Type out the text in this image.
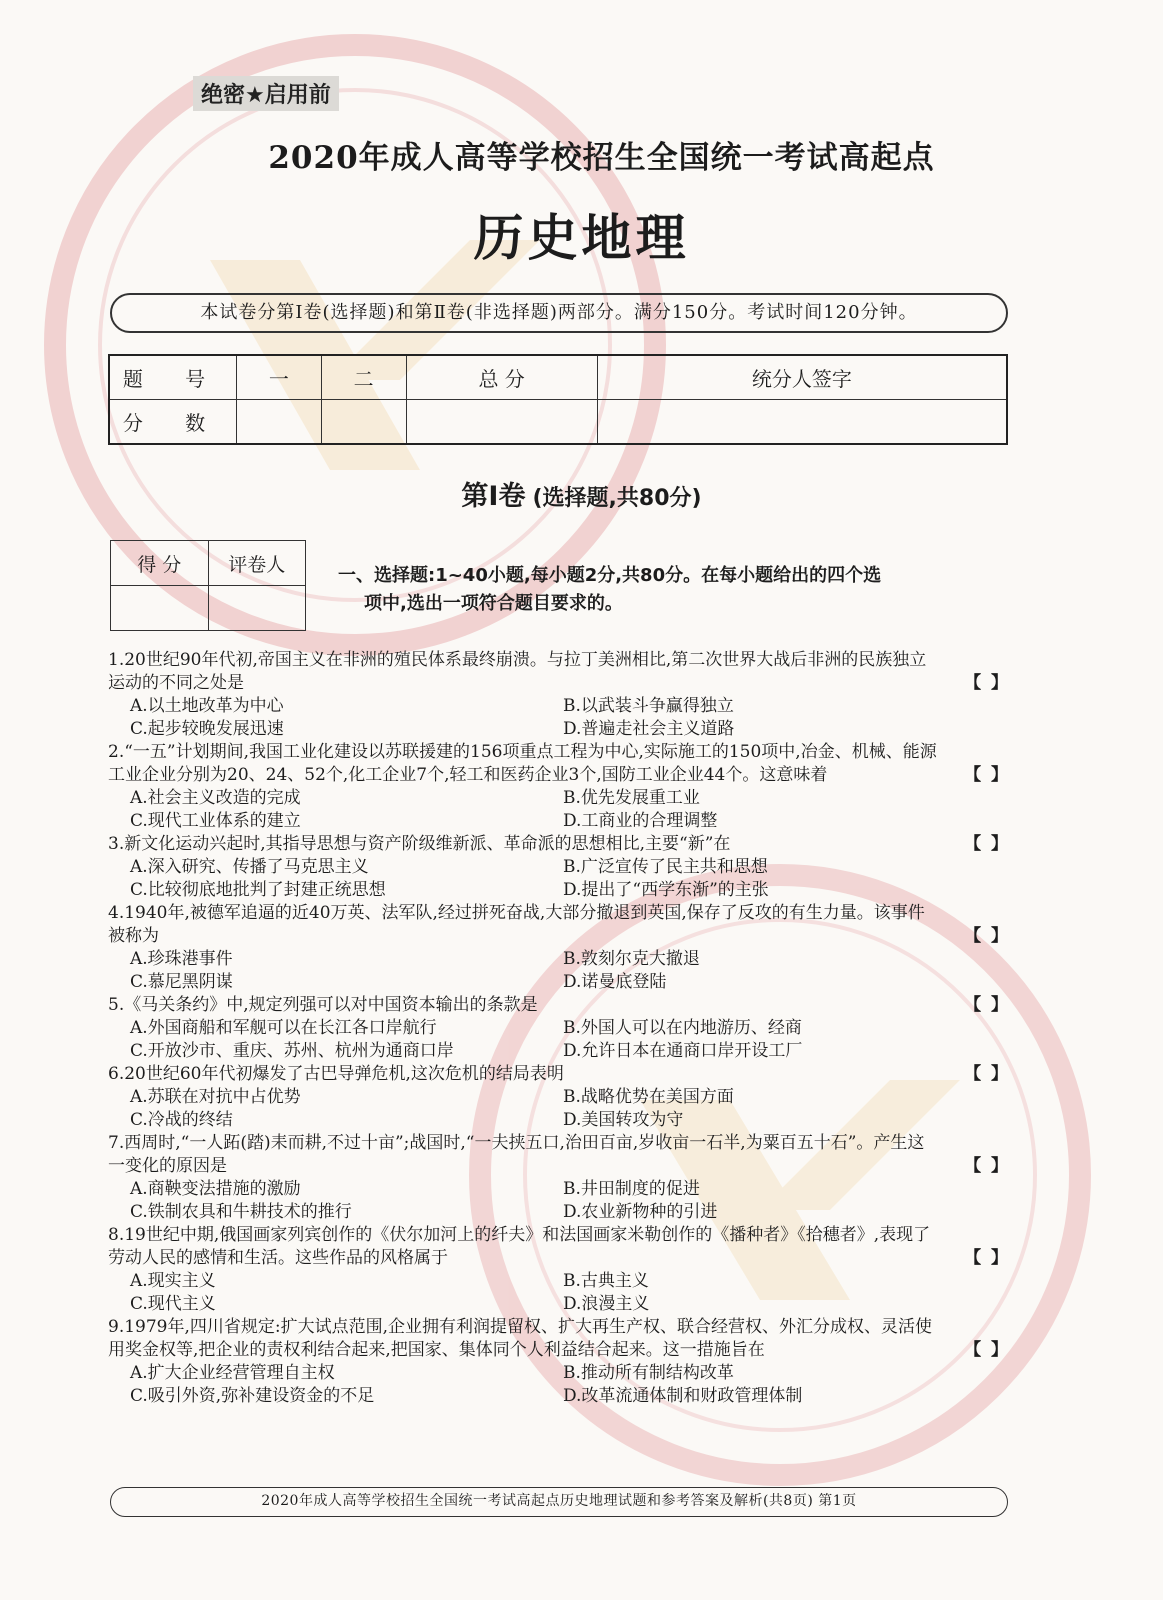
绝密★启用前
2020年成人高等学校招生全国统一考试高起点
历史地理
本试卷分第Ⅰ卷(选择题)和第Ⅱ卷(非选择题)两部分。满分150分。考试时间120分钟。
题 号	一	二	总 分	统分人签字
分 数				
第Ⅰ卷 (选择题,共80分)
得 分	评卷人
		一、选择题:1~40小题,每小题2分,共80分。在每小题给出的四个选
项中,选出一项符合题目要求的。
1.20世纪90年代初,帝国主义在非洲的殖民体系最终崩溃。与拉丁美洲相比,第二次世界大战后非洲的民族独立运动的不同之处是	【 】
A.以土地改革为中心	B.以武装斗争赢得独立
C.起步较晚发展迅速	D.普遍走社会主义道路
2.“一五”计划期间,我国工业化建设以苏联援建的156项重点工程为中心,实际施工的150项中,冶金、机械、能源工业企业分别为20、24、52个,化工企业7个,轻工和医药企业3个,国防工业企业44个。这意味着	【 】
A.社会主义改造的完成	B.优先发展重工业
C.现代工业体系的建立	D.工商业的合理调整
3.新文化运动兴起时,其指导思想与资产阶级维新派、革命派的思想相比,主要“新”在	【 】
A.深入研究、传播了马克思主义	B.广泛宣传了民主共和思想
C.比较彻底地批判了封建正统思想	D.提出了“西学东渐”的主张
4.1940年,被德军追逼的近40万英、法军队,经过拼死奋战,大部分撤退到英国,保存了反攻的有生力量。该事件被称为	【 】
A.珍珠港事件	B.敦刻尔克大撤退
C.慕尼黑阴谋	D.诺曼底登陆
5.《马关条约》中,规定列强可以对中国资本输出的条款是	【 】
A.外国商船和军舰可以在长江各口岸航行	B.外国人可以在内地游历、经商
C.开放沙市、重庆、苏州、杭州为通商口岸	D.允许日本在通商口岸开设工厂
6.20世纪60年代初爆发了古巴导弹危机,这次危机的结局表明	【 】
A.苏联在对抗中占优势	B.战略优势在美国方面
C.冷战的终结	D.美国转攻为守
7.西周时,“一人跖(踏)耒而耕,不过十亩”;战国时,“一夫挟五口,治田百亩,岁收亩一石半,为粟百五十石”。产生这一变化的原因是	【 】
A.商鞅变法措施的激励	B.井田制度的促进
C.铁制农具和牛耕技术的推行	D.农业新物种的引进
8.19世纪中期,俄国画家列宾创作的《伏尔加河上的纤夫》和法国画家米勒创作的《播种者》《拾穗者》,表现了劳动人民的感情和生活。这些作品的风格属于	【 】
A.现实主义	B.古典主义
C.现代主义	D.浪漫主义
9.1979年,四川省规定:扩大试点范围,企业拥有利润提留权、扩大再生产权、联合经营权、外汇分成权、灵活使用奖金权等,把企业的责权利结合起来,把国家、集体同个人利益结合起来。这一措施旨在	【 】
A.扩大企业经营管理自主权	B.推动所有制结构改革
C.吸引外资,弥补建设资金的不足	D.改革流通体制和财政管理体制
2020年成人高等学校招生全国统一考试高起点历史地理试题和参考答案及解析(共8页) 第1页
